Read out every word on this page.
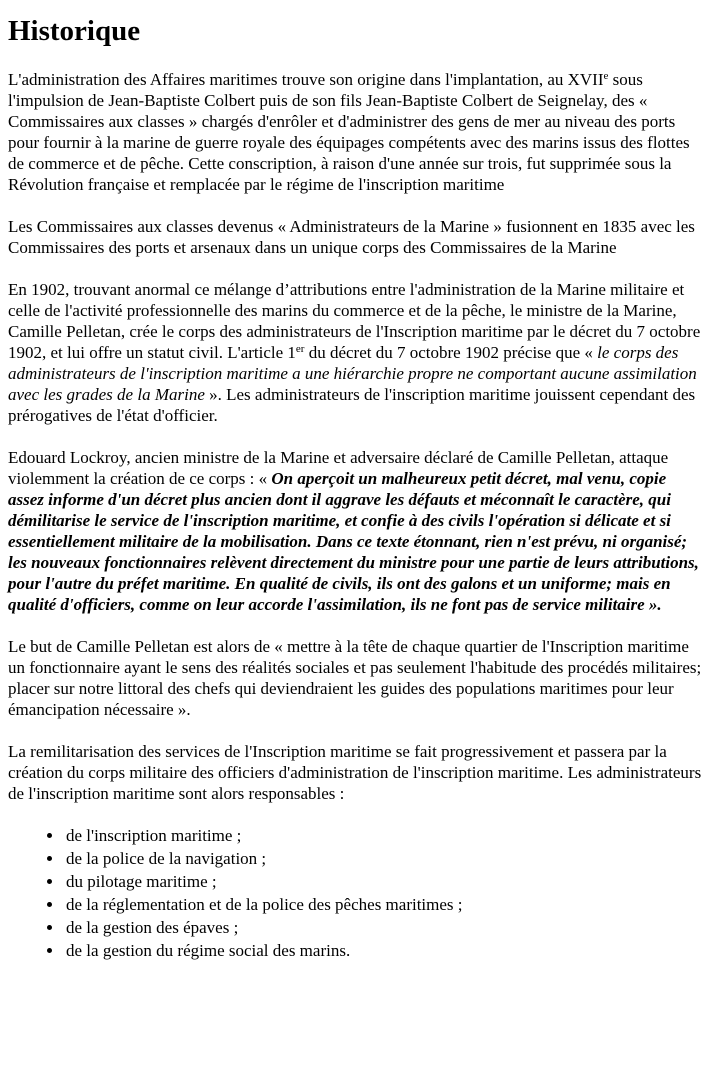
Historique

L'administration des Affaires maritimes trouve son origine dans l'implantation, au XVIIe sous l'impulsion de Jean-Baptiste Colbert puis de son fils Jean-Baptiste Colbert de Seignelay, des « Commissaires aux classes » chargés d'enrôler et d'administrer des gens de mer au niveau des ports pour fournir à la marine de guerre royale des équipages compétents avec des marins issus des flottes de commerce et de pêche. Cette conscription, à raison d'une année sur trois, fut supprimée sous la Révolution française et remplacée par le régime de l'inscription maritime

Les Commissaires aux classes devenus « Administrateurs de la Marine » fusionnent en 1835 avec les Commissaires des ports et arsenaux dans un unique corps des Commissaires de la Marine

En 1902, trouvant anormal ce mélange d’attributions entre l'administration de la Marine militaire et celle de l'activité professionnelle des marins du commerce et de la pêche, le ministre de la Marine, Camille Pelletan, crée le corps des administrateurs de l'Inscription maritime par le décret du 7 octobre 1902, et lui offre un statut civil. L'article 1er du décret du 7 octobre 1902 précise que « le corps des administrateurs de l'inscription maritime a une hiérarchie propre ne comportant aucune assimilation avec les grades de la Marine ». Les administrateurs de l'inscription maritime jouissent cependant des prérogatives de l'état d'officier.

Edouard Lockroy, ancien ministre de la Marine et adversaire déclaré de Camille Pelletan, attaque violemment la création de ce corps : « On aperçoit un malheureux petit décret, mal venu, copie assez informe d'un décret plus ancien dont il aggrave les défauts et méconnaît le caractère, qui démilitarise le service de l'inscription maritime, et confie à des civils l'opération si délicate et si essentiellement militaire de la mobilisation. Dans ce texte étonnant, rien n'est prévu, ni organisé; les nouveaux fonctionnaires relèvent directement du ministre pour une partie de leurs attributions, pour l'autre du préfet maritime. En qualité de civils, ils ont des galons et un uniforme; mais en qualité d'officiers, comme on leur accorde l'assimilation, ils ne font pas de service militaire ».

Le but de Camille Pelletan est alors de « mettre à la tête de chaque quartier de l'Inscription maritime un fonctionnaire ayant le sens des réalités sociales et pas seulement l'habitude des procédés militaires; placer sur notre littoral des chefs qui deviendraient les guides des populations maritimes pour leur émancipation nécessaire ».

La remilitarisation des services de l'Inscription maritime se fait progressivement et passera par la création du corps militaire des officiers d'administration de l'inscription maritime. Les administrateurs de l'inscription maritime sont alors responsables :

• de l'inscription maritime ;
• de la police de la navigation ;
• du pilotage maritime ;
• de la réglementation et de la police des pêches maritimes ;
• de la gestion des épaves ;
• de la gestion du régime social des marins.
